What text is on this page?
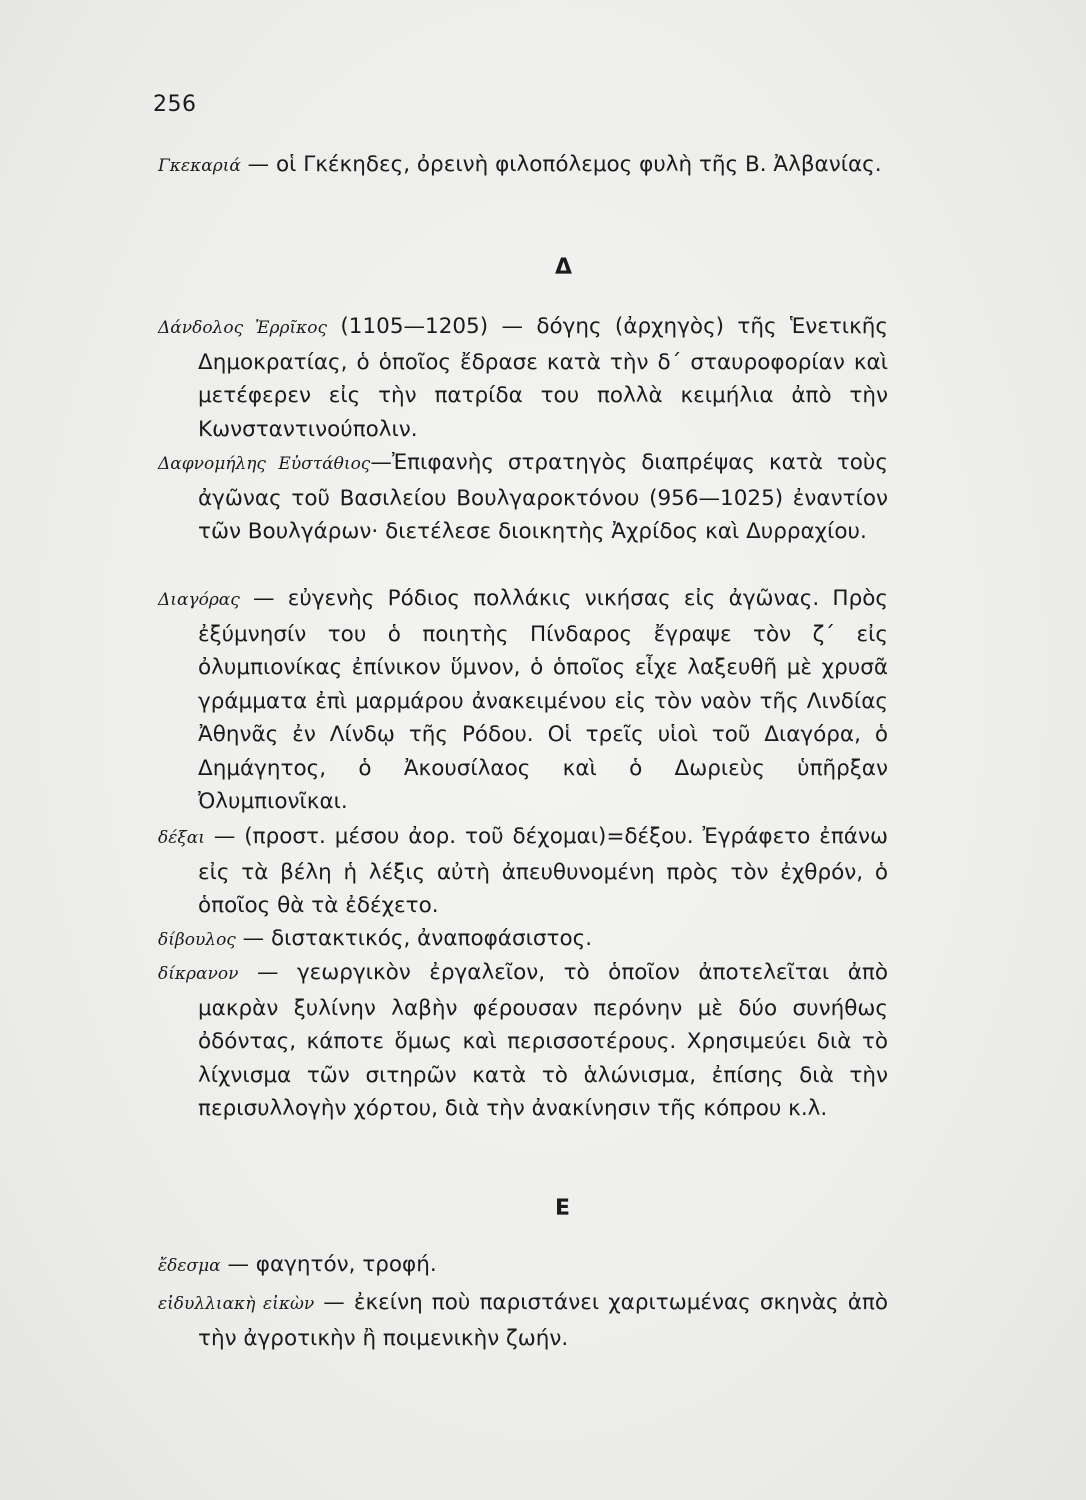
256
Γκεκαριά — οἱ Γκέκηδες, ὀρεινὴ φιλοπόλεμος φυλὴ τῆς Β. Ἀλβανίας.
Δ
Δάνδολος Ἐρρῖκος (1105—1205) — δόγης (ἀρχηγὸς) τῆς Ἑνετικῆς Δημοκρατίας, ὁ ὁποῖος ἔδρασε κατὰ τὴν δ΄ σταυροφορίαν καὶ μετέφερεν εἰς τὴν πατρίδα του πολλὰ κειμήλια ἀπὸ τὴν Κωνσταντινούπολιν.
Δαφνομήλης Εὐστάθιος—Ἐπιφανὴς στρατηγὸς διαπρέψας κατὰ τοὺς ἀγῶνας τοῦ Βασιλείου Βουλγαροκτόνου (956—1025) ἐναντίον τῶν Βουλγάρων· διετέλεσε διοικητὴς Ἀχρίδος καὶ Δυρραχίου.
Διαγόρας — εὐγενὴς Ρόδιος πολλάκις νικήσας εἰς ἀγῶνας. Πρὸς ἐξύμνησίν του ὁ ποιητὴς Πίνδαρος ἔγραψε τὸν ζ΄ εἰς ὀλυμπιονίκας ἐπίνικον ὕμνον, ὁ ὁποῖος εἶχε λαξευθῆ μὲ χρυσᾶ γράμματα ἐπὶ μαρμάρου ἀνακειμένου εἰς τὸν ναὸν τῆς Λινδίας Ἀθηνᾶς ἐν Λίνδῳ τῆς Ρόδου. Οἱ τρεῖς υἱοὶ τοῦ Διαγόρα, ὁ Δημάγητος, ὁ Ἀκουσίλαος καὶ ὁ Δωριεὺς ὑπῆρξαν Ὀλυμπιονῖκαι.
δέξαι — (προστ. μέσου ἀορ. τοῦ δέχομαι)=δέξου. Ἐγράφετο ἐπάνω εἰς τὰ βέλη ἡ λέξις αὐτὴ ἀπευθυνομένη πρὸς τὸν ἐχθρόν, ὁ ὁποῖος θὰ τὰ ἐδέχετο.
δίβουλος — διστακτικός, ἀναποφάσιστος.
δίκρανον — γεωργικὸν ἐργαλεῖον, τὸ ὁποῖον ἀποτελεῖται ἀπὸ μακρὰν ξυλίνην λαβὴν φέρουσαν περόνην μὲ δύο συνήθως ὀδόντας, κάποτε ὅμως καὶ περισσοτέρους. Χρησιμεύει διὰ τὸ λίχνισμα τῶν σιτηρῶν κατὰ τὸ ἁλώνισμα, ἐπίσης διὰ τὴν περισυλλογὴν χόρτου, διὰ τὴν ἀνακίνησιν τῆς κόπρου κ.λ.
Ε
ἔδεσμα — φαγητόν, τροφή.
εἰδυλλιακὴ εἰκὼν — ἐκείνη ποὺ παριστάνει χαριτωμένας σκηνὰς ἀπὸ τὴν ἀγροτικὴν ἢ ποιμενικὴν ζωήν.
